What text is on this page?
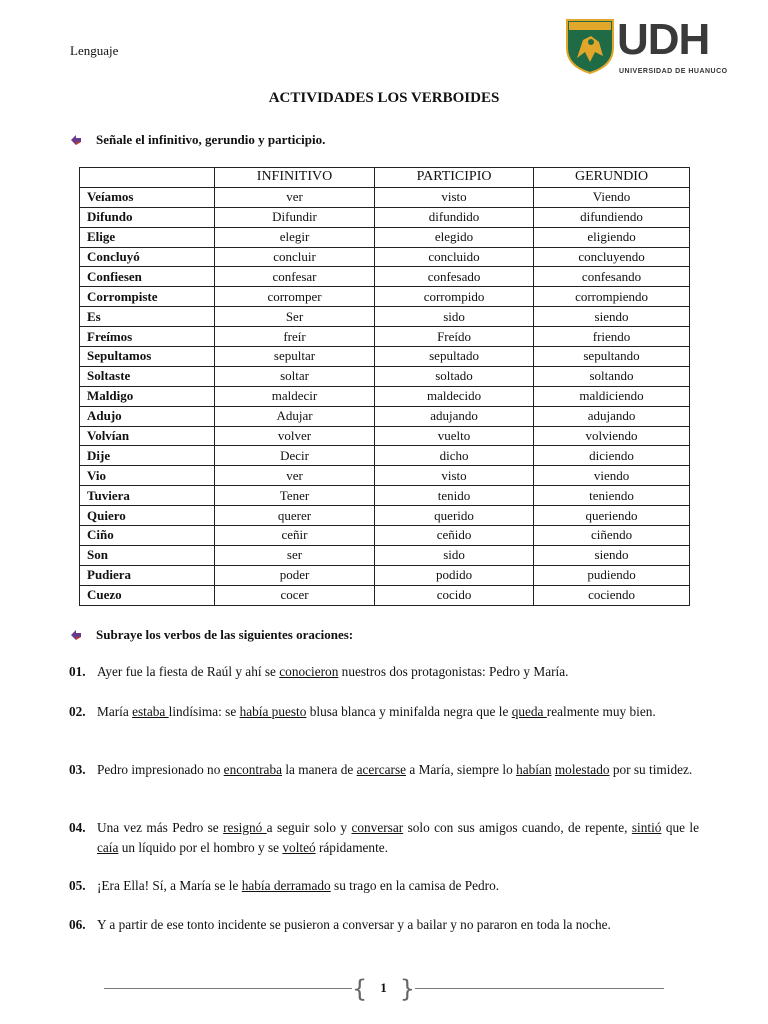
Lenguaje	UDH
UNIVERSIDAD DE HUANUCO
ACTIVIDADES LOS VERBOIDES
Señale el infinitivo, gerundio y participio.
	INFINITIVO	PARTICIPIO	GERUNDIO
Veíamos	ver	visto	Viendo
Difundo	Difundir	difundido	difundiendo
Elige	elegir	elegido	eligiendo
Concluyó	concluir	concluido	concluyendo
Confiesen	confesar	confesado	confesando
Corrompiste	corromper	corrompido	corrompiendo
Es	Ser	sido	siendo
Freímos	freír	Freído	friendo
Sepultamos	sepultar	sepultado	sepultando
Soltaste	soltar	soltado	soltando
Maldigo	maldecir	maldecido	maldiciendo
Adujo	Adujar	adujando	adujando
Volvían	volver	vuelto	volviendo
Dije	Decir	dicho	diciendo
Vio	ver	visto	viendo
Tuviera	Tener	tenido	teniendo
Quiero	querer	querido	queriendo
Ciño	ceñir	ceñido	ciñendo
Son	ser	sido	siendo
Pudiera	poder	podido	pudiendo
Cuezo	cocer	cocido	cociendo
Subraye los verbos de las siguientes oraciones:
01. Ayer fue la fiesta de Raúl y ahí se conocieron nuestros dos protagonistas: Pedro y María.
02. María estaba lindísima: se había puesto blusa blanca y minifalda negra que le queda realmente muy bien.
03. Pedro impresionado no encontraba la manera de acercarse a María, siempre lo habían molestado por su timidez.
04. Una vez más Pedro se resignó a seguir solo y conversar solo con sus amigos cuando, de repente, sintió que le caía un líquido por el hombro y se volteó rápidamente.
05. ¡Era Ella! Sí, a María se le había derramado su trago en la camisa de Pedro.
06. Y a partir de ese tonto incidente se pusieron a conversar y a bailar y no pararon en toda la noche.
{ }
1
